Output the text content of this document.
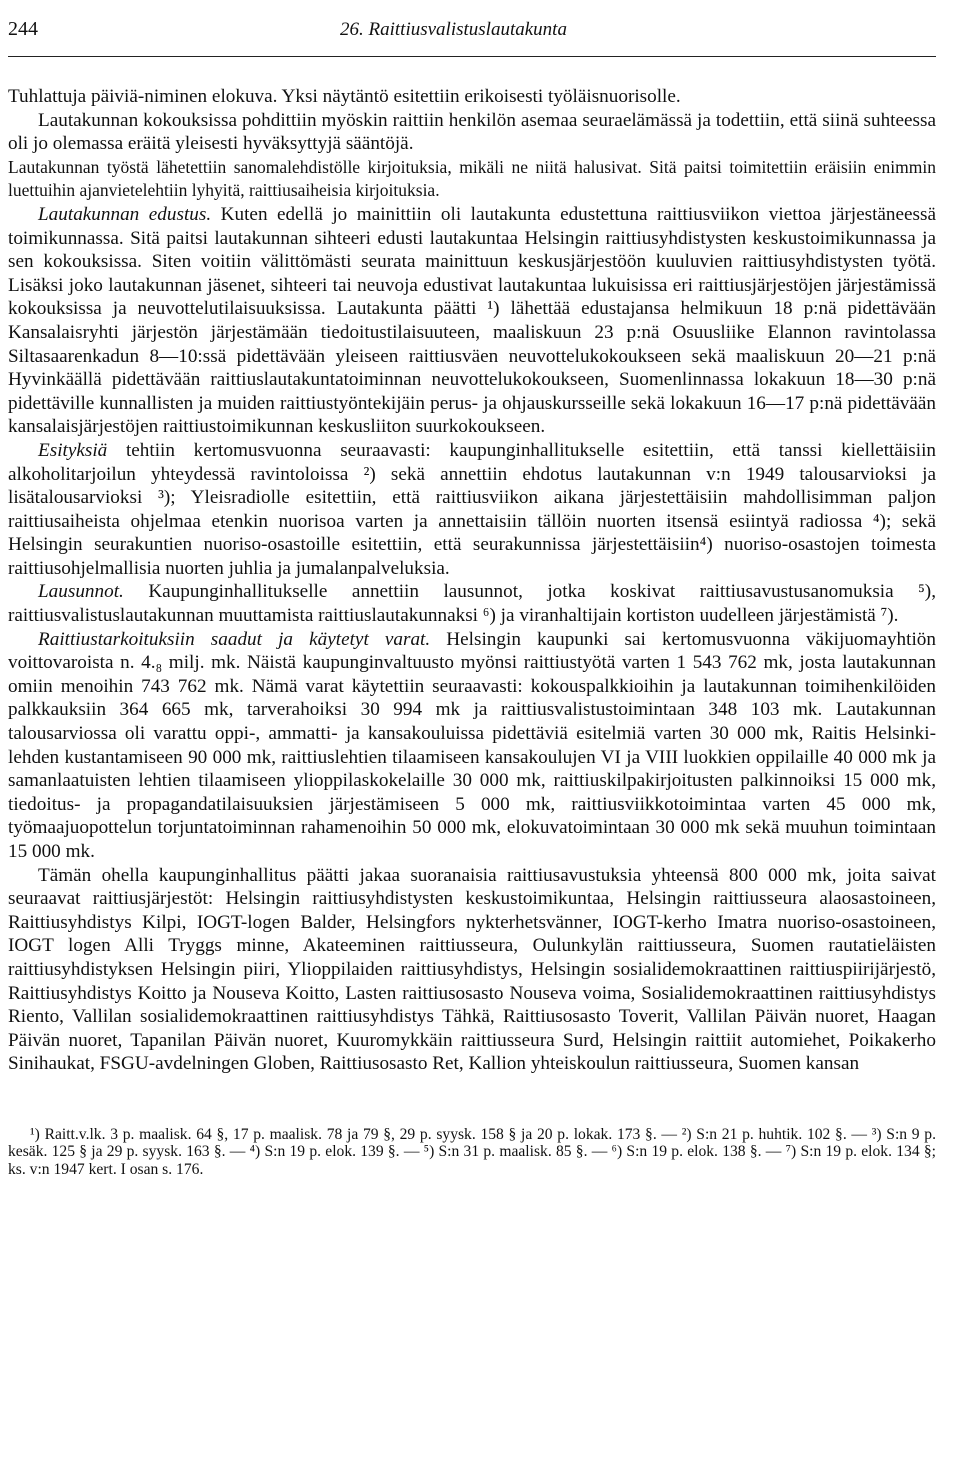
244	26. Raittiusvalistuslautakunta

Tuhlattuja päiviä-niminen elokuva. Yksi näytäntö esitettiin erikoisesti työläisnuorisolle.

Lautakunnan kokouksissa pohdittiin myöskin raittiin henkilön asemaa seuraelämässä ja todettiin, että siinä suhteessa oli jo olemassa eräitä yleisesti hyväksyttyjä sääntöjä.

Lautakunnan työstä lähetettiin sanomalehdistölle kirjoituksia, mikäli ne niitä halusivat. Sitä paitsi toimitettiin eräisiin enimmin luettuihin ajanvietelehtiin lyhyitä, raittiusaiheisia kirjoituksia.

Lautakunnan edustus. Kuten edellä jo mainittiin oli lautakunta edustettuna raittiusviikon viettoa järjestäneessä toimikunnassa. Sitä paitsi lautakunnan sihteeri edusti lautakuntaa Helsingin raittiusyhdistysten keskustoimikunnassa ja sen kokouksissa. Siten voitiin välittömästi seurata mainittuun keskusjärjestöön kuuluvien raittiusyhdistysten työtä. Lisäksi joko lautakunnan jäsenet, sihteeri tai neuvoja edustivat lautakuntaa lukuisissa eri raittiusjärjestöjen järjestämissä kokouksissa ja neuvottelutilaisuuksissa. Lautakunta päätti ¹) lähettää edustajansa helmikuun 18 p:nä pidettävään Kansalaisryhti järjestön järjestämään tiedoitustilaisuuteen, maaliskuun 23 p:nä Osuusliike Elannon ravintolassa Siltasaarenkadun 8—10:ssä pidettävään yleiseen raittiusväen neuvottelukokoukseen sekä maaliskuun 20—21 p:nä Hyvinkäällä pidettävään raittiuslautakuntatoiminnan neuvottelukokoukseen, Suomenlinnassa lokakuun 18—30 p:nä pidettäville kunnallisten ja muiden raittiustyöntekijäin perus- ja ohjauskursseille sekä lokakuun 16—17 p:nä pidettävään kansalaisjärjestöjen raittiustoimikunnan keskusliiton suurkokoukseen.

Esityksiä tehtiin kertomusvuonna seuraavasti: kaupunginhallitukselle esitettiin, että tanssi kiellettäisiin alkoholitarjoilun yhteydessä ravintoloissa ²) sekä annettiin ehdotus lautakunnan v:n 1949 talousarvioksi ja lisätalousarvioksi ³); Yleisradiolle esitettiin, että raittiusviikon aikana järjestettäisiin mahdollisimman paljon raittiusaiheista ohjelmaa etenkin nuorisoa varten ja annettaisiin tällöin nuorten itsensä esiintyä radiossa ⁴); sekä Helsingin seurakuntien nuoriso-osastoille esitettiin, että seurakunnissa järjestettäisiin⁴) nuoriso-osastojen toimesta raittiusohjelmallisia nuorten juhlia ja jumalanpalveluksia.

Lausunnot. Kaupunginhallitukselle annettiin lausunnot, jotka koskivat raittiusavustusanomuksia ⁵), raittiusvalistuslautakunnan muuttamista raittiuslautakunnaksi ⁶) ja viranhaltijain kortiston uudelleen järjestämistä ⁷).

Raittiustarkoituksiin saadut ja käytetyt varat. Helsingin kaupunki sai kertomusvuonna väkijuomayhtiön voittovaroista n. 4.₈ milj. mk. Näistä kaupunginvaltuusto myönsi raittiustyötä varten 1 543 762 mk, josta lautakunnan omiin menoihin 743 762 mk. Nämä varat käytettiin seuraavasti: kokouspalkkioihin ja lautakunnan toimihenkilöiden palkkauksiin 364 665 mk, tarverahoiksi 30 994 mk ja raittiusvalistustoimintaan 348 103 mk. Lautakunnan talousarviossa oli varattu oppi-, ammatti- ja kansakouluissa pidettäviä esitelmiä varten 30 000 mk, Raitis Helsinki-lehden kustantamiseen 90 000 mk, raittiuslehtien tilaamiseen kansakoulujen VI ja VIII luokkien oppilaille 40 000 mk ja samanlaatuisten lehtien tilaamiseen ylioppilaskokelaille 30 000 mk, raittiuskilpakirjoitusten palkinnoiksi 15 000 mk, tiedoitus- ja propagandatilaisuuksien järjestämiseen 5 000 mk, raittiusviikkotoimintaa varten 45 000 mk, työmaajuopottelun torjuntatoiminnan rahamenoihin 50 000 mk, elokuvatoimintaan 30 000 mk sekä muuhun toimintaan 15 000 mk.

Tämän ohella kaupunginhallitus päätti jakaa suoranaisia raittiusavustuksia yhteensä 800 000 mk, joita saivat seuraavat raittiusjärjestöt: Helsingin raittiusyhdistysten keskustoimikuntaa, Helsingin raittiusseura alaosastoineen, Raittiusyhdistys Kilpi, IOGT-logen Balder, Helsingfors nykterhetsvänner, IOGT-kerho Imatra nuoriso-osastoineen, IOGT logen Alli Tryggs minne, Akateeminen raittiusseura, Oulunkylän raittiusseura, Suomen rautatieläisten raittiusyhdistyksen Helsingin piiri, Ylioppilaiden raittiusyhdistys, Helsingin sosialidemokraattinen raittiuspiirijärjestö, Raittiusyhdistys Koitto ja Nouseva Koitto, Lasten raittiusosasto Nouseva voima, Sosialidemokraattinen raittiusyhdistys Riento, Vallilan sosialidemokraattinen raittiusyhdistys Tähkä, Raittiusosasto Toverit, Vallilan Päivän nuoret, Haagan Päivän nuoret, Tapanilan Päivän nuoret, Kuuromykkäin raittiusseura Surd, Helsingin raittiit automiehet, Poikakerho Sinihaukat, FSGU-avdelningen Globen, Raittiusosasto Ret, Kallion yhteiskoulun raittiusseura, Suomen kansan

¹) Raitt.v.lk. 3 p. maalisk. 64 §, 17 p. maalisk. 78 ja 79 §, 29 p. syysk. 158 § ja 20 p. lokak. 173 §. — ²) S:n 21 p. huhtik. 102 §. — ³) S:n 9 p. kesäk. 125 § ja 29 p. syysk. 163 §. — ⁴) S:n 19 p. elok. 139 §. — ⁵) S:n 31 p. maalisk. 85 §. — ⁶) S:n 19 p. elok. 138 §. — ⁷) S:n 19 p. elok. 134 §; ks. v:n 1947 kert. I osan s. 176.
